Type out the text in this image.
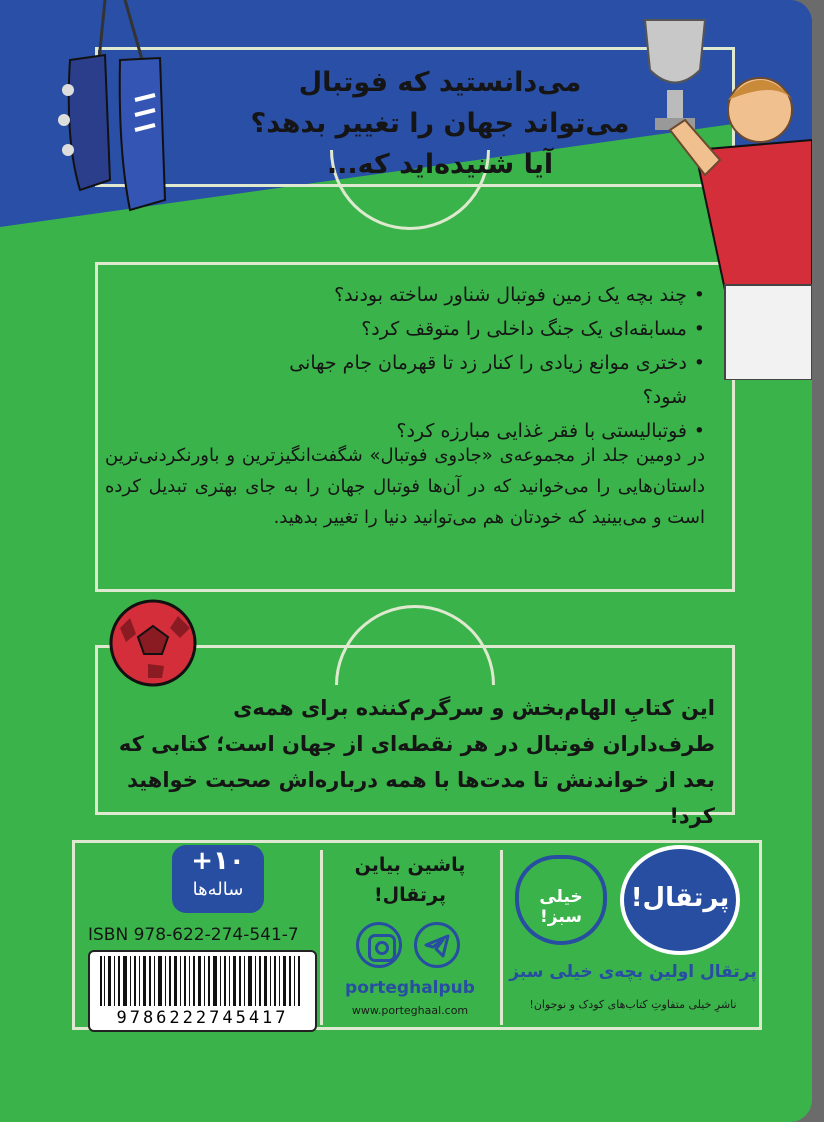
می‌دانستید که فوتبال
می‌تواند جهان را تغییر بدهد؟
آیا شنیده‌اید که...
• چند بچه یک زمین فوتبال شناور ساخته بودند؟
• مسابقه‌ای یک جنگ داخلی را متوقف کرد؟
• دختری موانع زیادی را کنار زد تا قهرمان جام جهانی شود؟
• فوتبالیستی با فقر غذایی مبارزه کرد؟
در دومین جلد از مجموعه‌ی «جادوی فوتبال» شگفت‌انگیزترین و باورنکردنی‌ترین داستان‌هایی را می‌خوانید که در آن‌ها فوتبال جهان را به جای بهتری تبدیل کرده است و می‌بینید که خودتان هم می‌توانید دنیا را تغییر بدهید.
این کتابِ الهام‌بخش و سرگرم‌کننده برای همه‌ی طرف‌داران فوتبال در هر نقطه‌ای از جهان است؛ کتابی که بعد از خواندنش تا مدت‌ها با همه درباره‌اش صحبت خواهید کرد!
+۱۰
ساله‌ها
ISBN 978-622-274-541-7
9786222745417
پاشین بیاین
پرتقال!
porteghalpub
www.porteghaal.com
پرتقال!
خیلی سبز!
پرتقال اولین بچه‌ی خیلی سبز
ناشرِ خیلی متفاوتِ کتاب‌های کودک و نوجوان!
